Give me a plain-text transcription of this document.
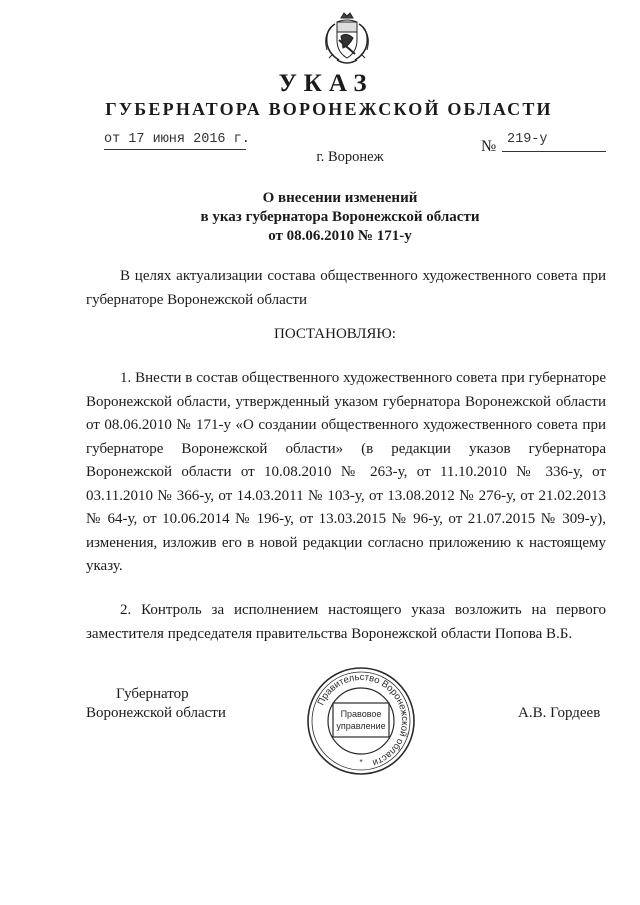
УКАЗ
ГУБЕРНАТОРА ВОРОНЕЖСКОЙ ОБЛАСТИ
от 17 июня 2016 г.	№ 219-у
г. Воронеж
О внесении изменений
в указ губернатора Воронежской области
от 08.06.2010 № 171-у
В целях актуализации состава общественного художественного совета при губернаторе Воронежской области
ПОСТАНОВЛЯЮ:
1. Внести в состав общественного художественного совета при губернаторе Воронежской области, утвержденный указом губернатора Воронежской области от 08.06.2010 № 171-у «О создании общественного художественного совета при губернаторе Воронежской области» (в редакции указов губернатора Воронежской области от 10.08.2010 № 263-у, от 11.10.2010 № 336-у, от 03.11.2010 № 366-у, от 14.03.2011 № 103-у, от 13.08.2012 № 276-у, от 21.02.2013 № 64-у, от 10.06.2014 № 196-у, от 13.03.2015 № 96-у, от 21.07.2015 № 309-у), изменения, изложив его в новой редакции согласно приложению к настоящему указу.
2. Контроль за исполнением настоящего указа возложить на первого заместителя председателя правительства Воронежской области Попова В.Б.
Губернатор
Воронежской области	А.В. Гордеев
Правительство Воронежской области
Правовое
управление
*
